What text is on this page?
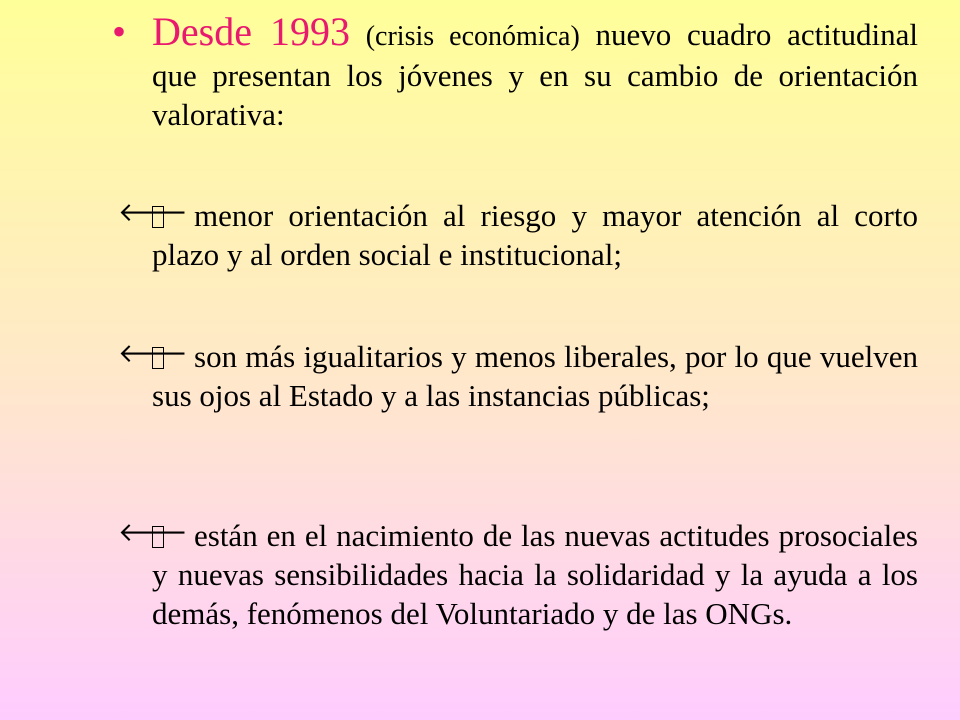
• Desde 1993 (crisis económica) nuevo cuadro actitudinal que presentan los jóvenes y en su cambio de orientación valorativa:
🡐 menor orientación al riesgo y mayor atención al corto plazo y al orden social e institucional;
🡐 son más igualitarios y menos liberales, por lo que vuelven sus ojos al Estado y a las instancias públicas;
🡐 están en el nacimiento de las nuevas actitudes prosociales y nuevas sensibilidades hacia la solidaridad y la ayuda a los demás, fenómenos del Voluntariado y de las ONGs.
